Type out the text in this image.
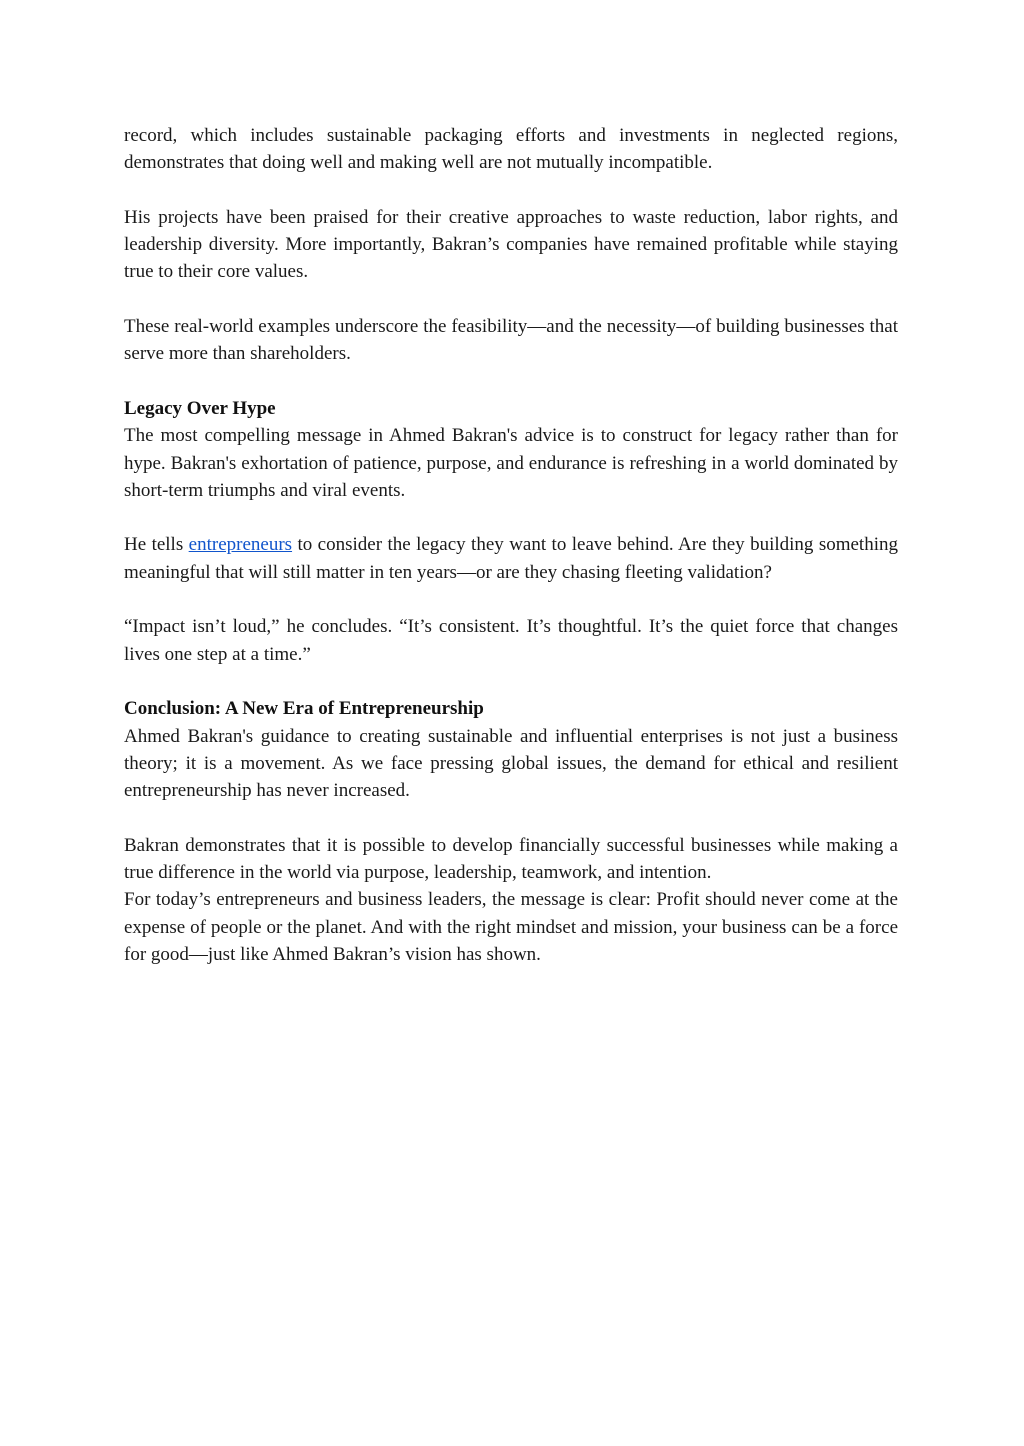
record, which includes sustainable packaging efforts and investments in neglected regions, demonstrates that doing well and making well are not mutually incompatible.

His projects have been praised for their creative approaches to waste reduction, labor rights, and leadership diversity. More importantly, Bakran’s companies have remained profitable while staying true to their core values.

These real-world examples underscore the feasibility—and the necessity—of building businesses that serve more than shareholders.

Legacy Over Hype

The most compelling message in Ahmed Bakran's advice is to construct for legacy rather than for hype. Bakran's exhortation of patience, purpose, and endurance is refreshing in a world dominated by short-term triumphs and viral events.

He tells entrepreneurs to consider the legacy they want to leave behind. Are they building something meaningful that will still matter in ten years—or are they chasing fleeting validation?

“Impact isn’t loud,” he concludes. “It’s consistent. It’s thoughtful. It’s the quiet force that changes lives one step at a time.”

Conclusion: A New Era of Entrepreneurship

Ahmed Bakran's guidance to creating sustainable and influential enterprises is not just a business theory; it is a movement. As we face pressing global issues, the demand for ethical and resilient entrepreneurship has never increased.

Bakran demonstrates that it is possible to develop financially successful businesses while making a true difference in the world via purpose, leadership, teamwork, and intention.

For today’s entrepreneurs and business leaders, the message is clear: Profit should never come at the expense of people or the planet. And with the right mindset and mission, your business can be a force for good—just like Ahmed Bakran’s vision has shown.
